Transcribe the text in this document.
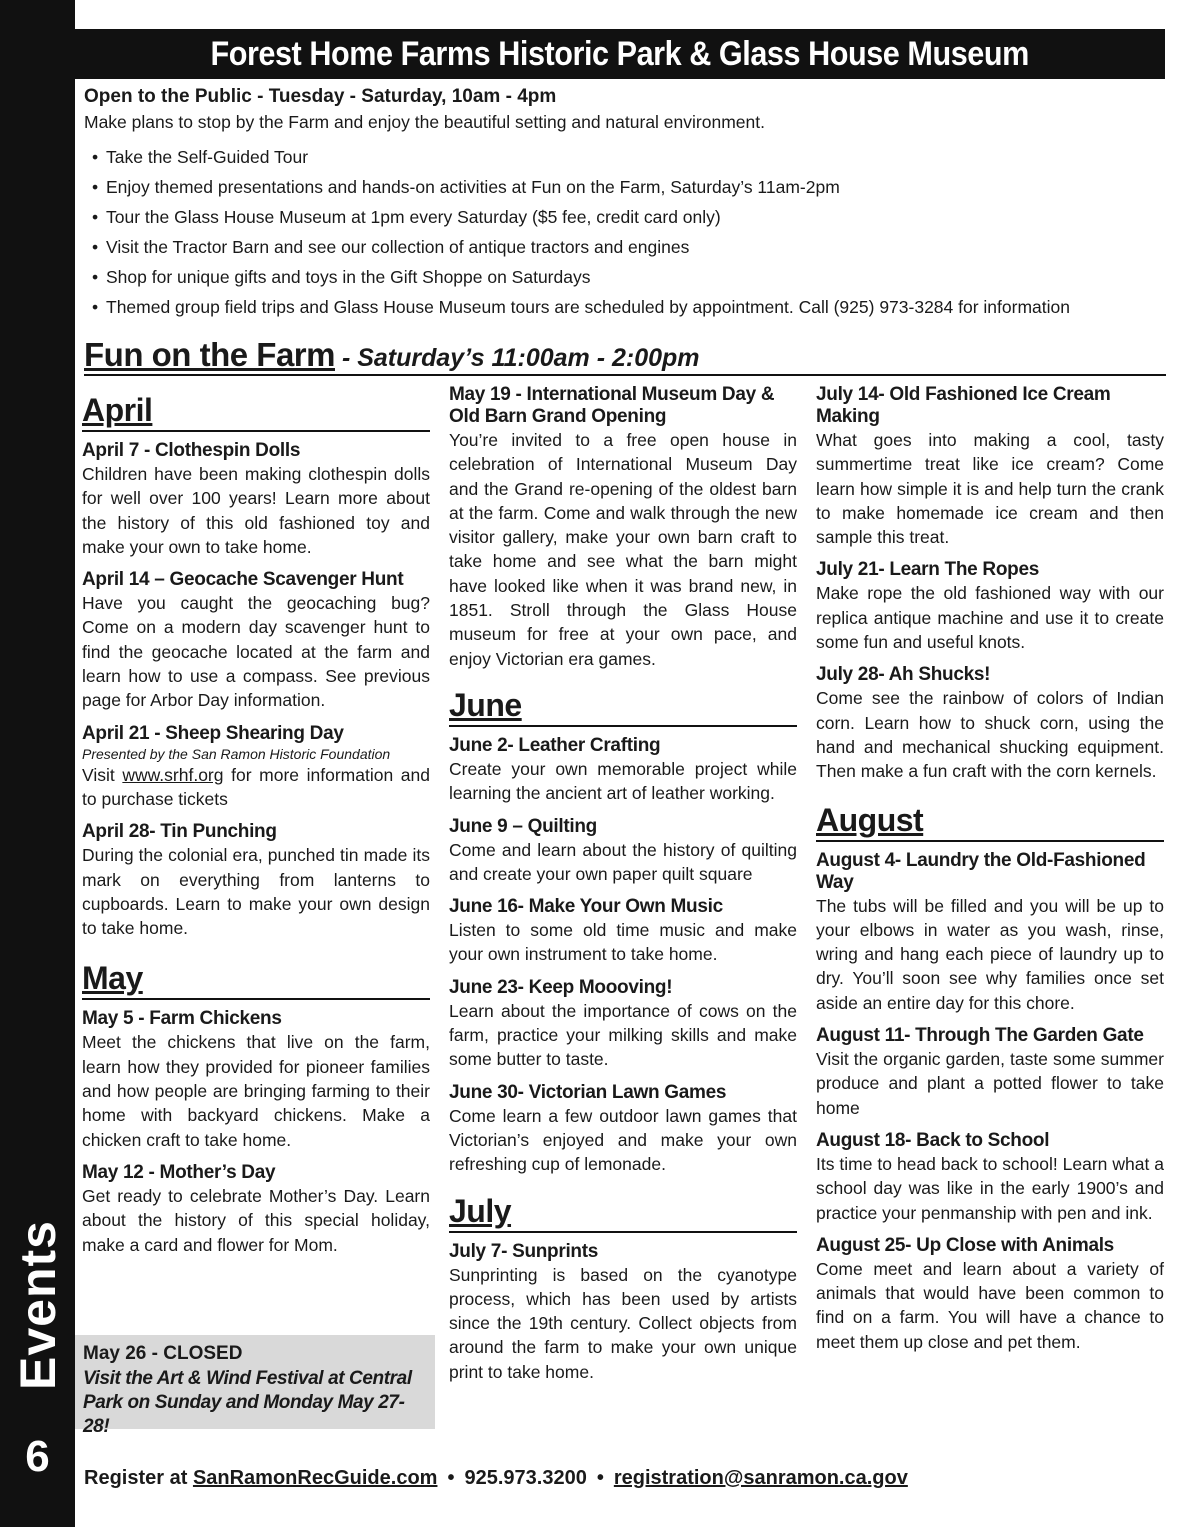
Events
6
Forest Home Farms Historic Park & Glass House Museum
Open to the Public - Tuesday - Saturday, 10am - 4pm
Make plans to stop by the Farm and enjoy the beautiful setting and natural environment.
• Take the Self-Guided Tour
• Enjoy themed presentations and hands-on activities at Fun on the Farm, Saturday’s 11am-2pm
• Tour the Glass House Museum at 1pm every Saturday ($5 fee, credit card only)
• Visit the Tractor Barn and see our collection of antique tractors and engines
• Shop for unique gifts and toys in the Gift Shoppe on Saturdays
• Themed group field trips and Glass House Museum tours are scheduled by appointment. Call (925) 973-3284 for information
Fun on the Farm - Saturday’s 11:00am - 2:00pm
April
April 7 - Clothespin Dolls
Children have been making clothespin dolls for well over 100 years! Learn more about the history of this old fashioned toy and make your own to take home.
April 14 – Geocache Scavenger Hunt
Have you caught the geocaching bug? Come on a modern day scavenger hunt to find the geocache located at the farm and learn how to use a compass. See previous page for Arbor Day information.
April 21 - Sheep Shearing Day
Presented by the San Ramon Historic Foundation
Visit www.srhf.org for more information and to purchase tickets
April 28- Tin Punching
During the colonial era, punched tin made its mark on everything from lanterns to cupboards. Learn to make your own design to take home.
May
May 5 - Farm Chickens
Meet the chickens that live on the farm, learn how they provided for pioneer families and how people are bringing farming to their home with backyard chickens. Make a chicken craft to take home.
May 12 - Mother’s Day
Get ready to celebrate Mother’s Day. Learn about the history of this special holiday, make a card and flower for Mom.
May 26 - CLOSED
Visit the Art & Wind Festival at Central Park on Sunday and Monday May 27-28!
May 19 - International Museum Day & Old Barn Grand Opening
You’re invited to a free open house in celebration of International Museum Day and the Grand re-opening of the oldest barn at the farm. Come and walk through the new visitor gallery, make your own barn craft to take home and see what the barn might have looked like when it was brand new, in 1851. Stroll through the Glass House museum for free at your own pace, and enjoy Victorian era games.
June
June 2- Leather Crafting
Create your own memorable project while learning the ancient art of leather working.
June 9 – Quilting
Come and learn about the history of quilting and create your own paper quilt square
June 16- Make Your Own Music
Listen to some old time music and make your own instrument to take home.
June 23- Keep Moooving!
Learn about the importance of cows on the farm, practice your milking skills and make some butter to taste.
June 30- Victorian Lawn Games
Come learn a few outdoor lawn games that Victorian’s enjoyed and make your own refreshing cup of lemonade.
July
July 7- Sunprints
Sunprinting is based on the cyanotype process, which has been used by artists since the 19th century. Collect objects from around the farm to make your own unique print to take home.
July 14- Old Fashioned Ice Cream Making
What goes into making a cool, tasty summertime treat like ice cream? Come learn how simple it is and help turn the crank to make homemade ice cream and then sample this treat.
July 21- Learn The Ropes
Make rope the old fashioned way with our replica antique machine and use it to create some fun and useful knots.
July 28- Ah Shucks!
Come see the rainbow of colors of Indian corn. Learn how to shuck corn, using the hand and mechanical shucking equipment. Then make a fun craft with the corn kernels.
August
August 4- Laundry the Old-Fashioned Way
The tubs will be filled and you will be up to your elbows in water as you wash, rinse, wring and hang each piece of laundry up to dry. You’ll soon see why families once set aside an entire day for this chore.
August 11- Through The Garden Gate
Visit the organic garden, taste some summer produce and plant a potted flower to take home
August 18- Back to School
Its time to head back to school! Learn what a school day was like in the early 1900’s and practice your penmanship with pen and ink.
August 25- Up Close with Animals
Come meet and learn about a variety of animals that would have been common to find on a farm. You will have a chance to meet them up close and pet them.
Register at SanRamonRecGuide.com • 925.973.3200 • registration@sanramon.ca.gov
